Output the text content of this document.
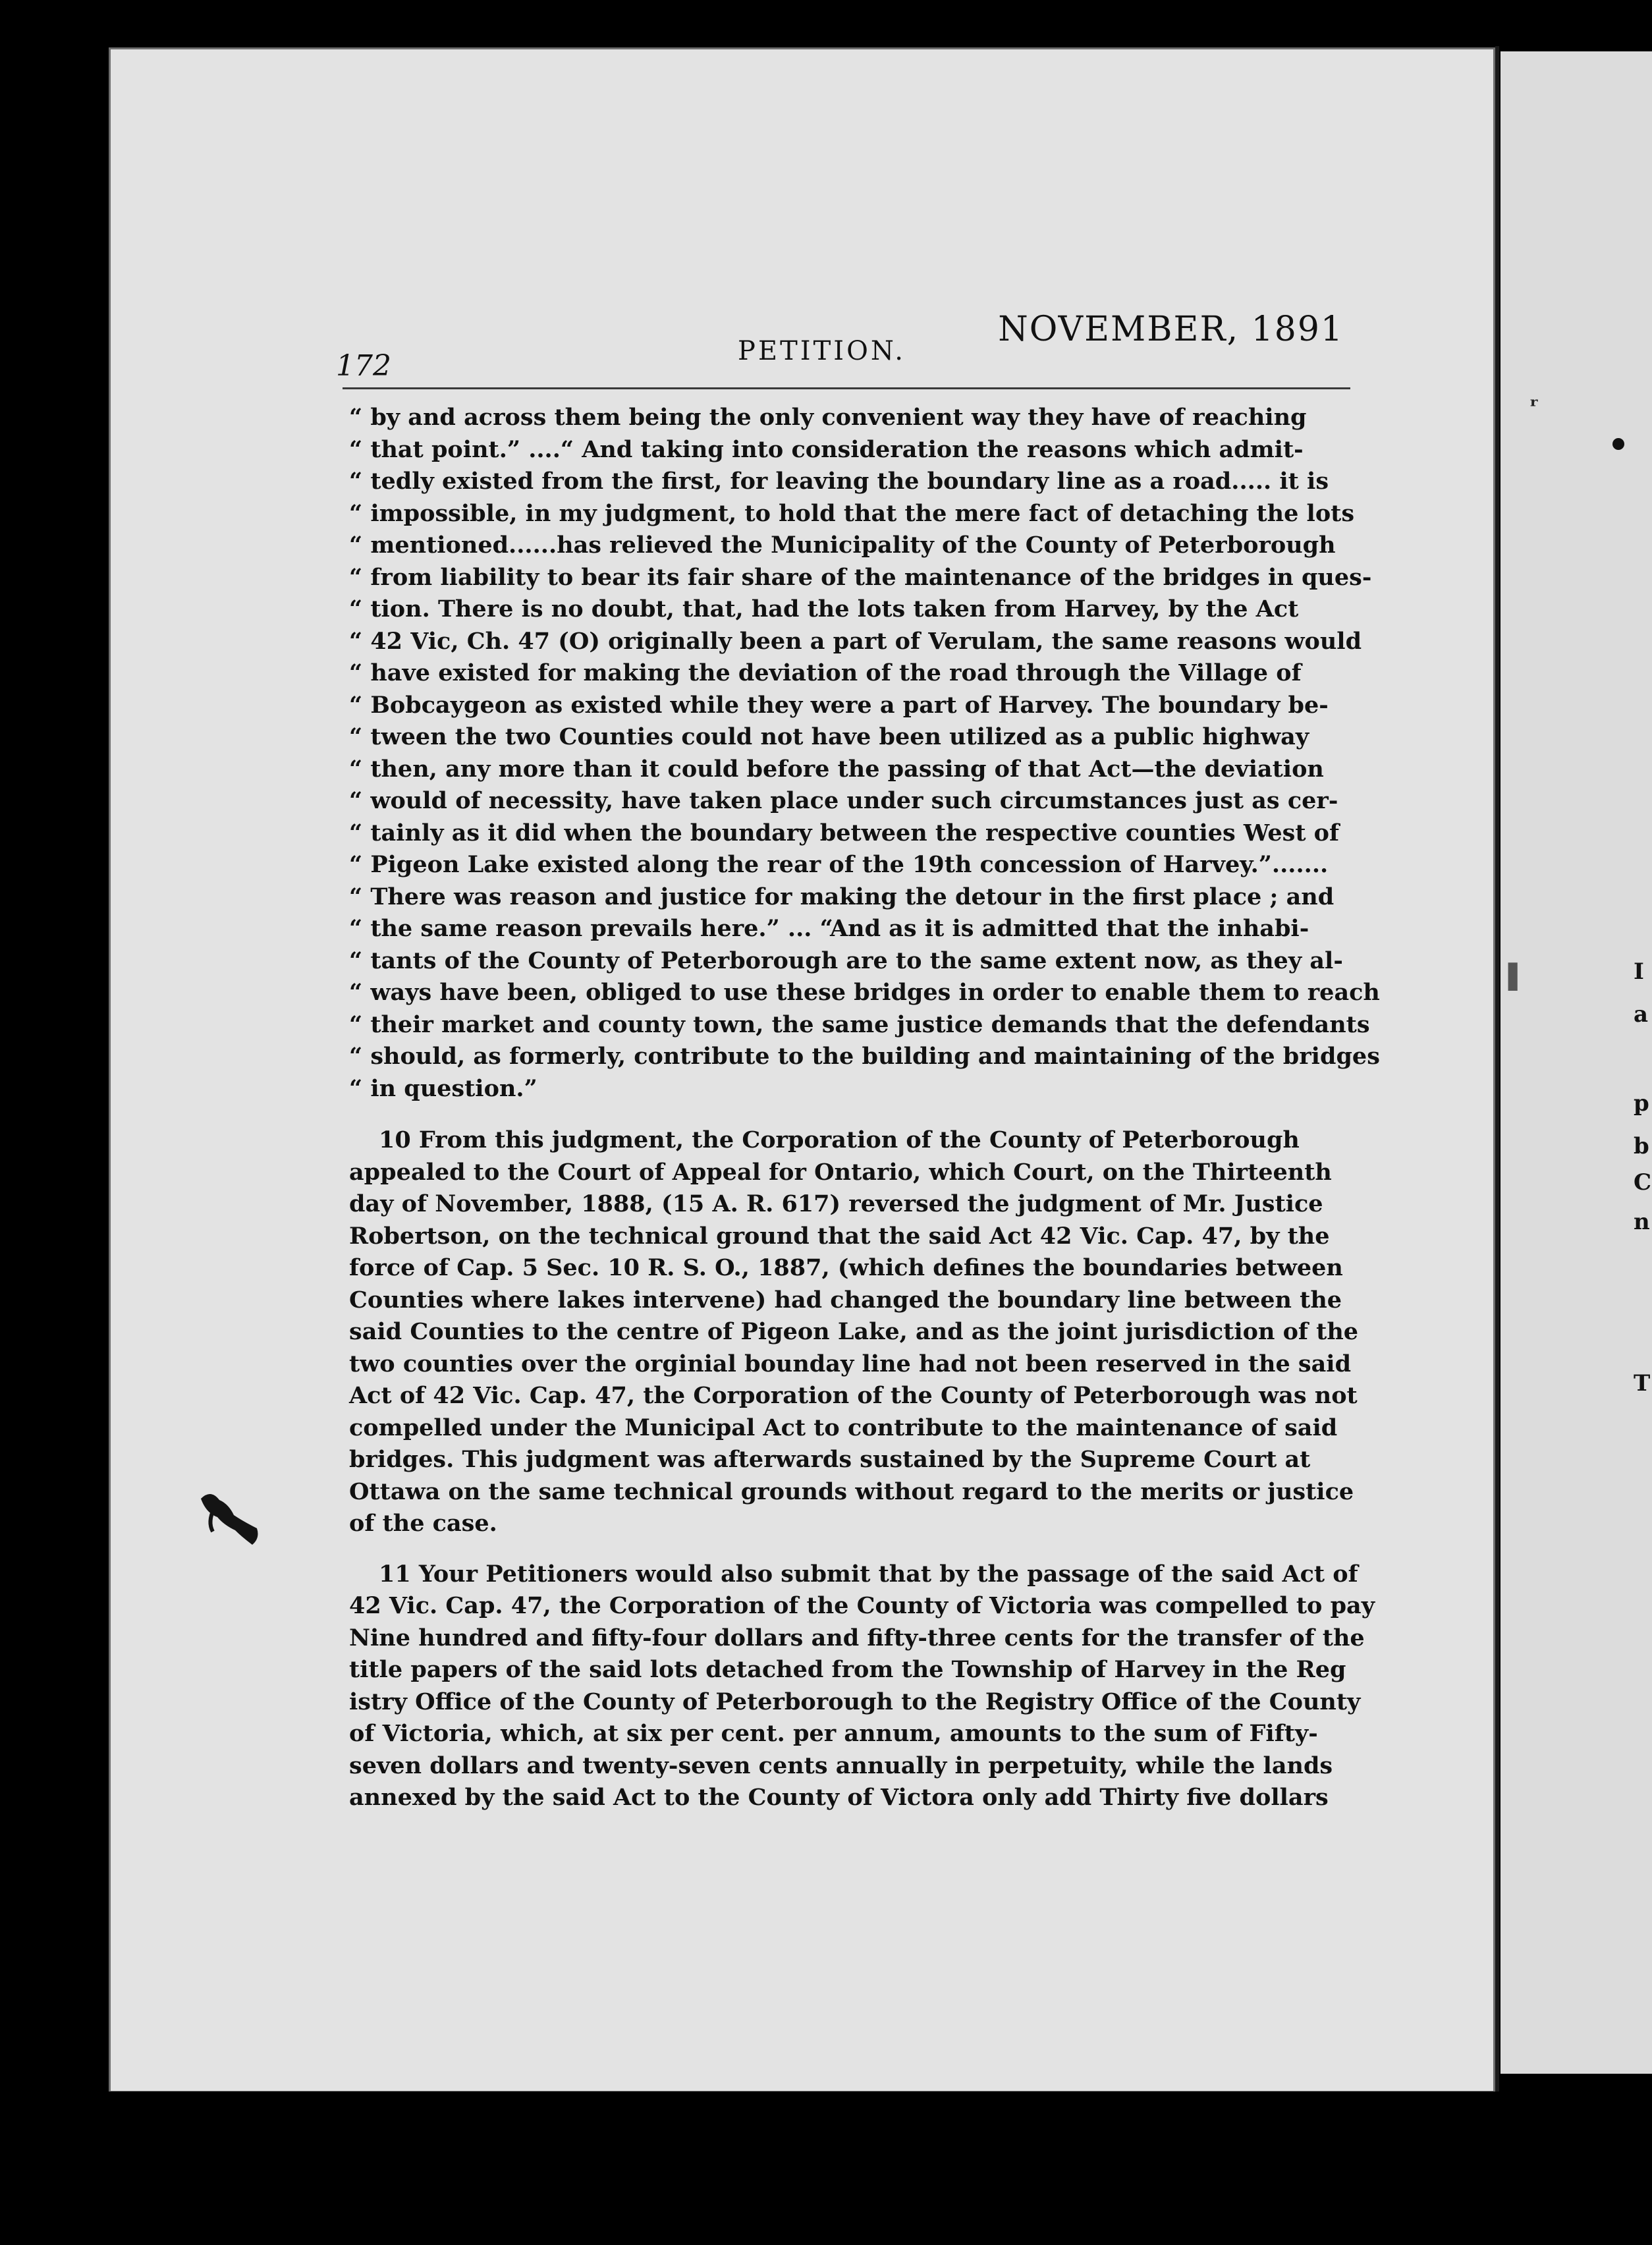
172	PETITION.
NOVEMBER, 1891
“ by and across them being the only convenient way they have of reaching
“ that point.” ....“ And taking into consideration the reasons which admit-
“ tedly existed from the first, for leaving the boundary line as a road..... it is
“ impossible, in my judgment, to hold that the mere fact of detaching the lots
“ mentioned......has relieved the Municipality of the County of Peterborough
“ from liability to bear its fair share of the maintenance of the bridges in ques-
“ tion. There is no doubt, that, had the lots taken from Harvey, by the Act
“ 42 Vic, Ch. 47 (O) originally been a part of Verulam, the same reasons would
“ have existed for making the deviation of the road through the Village of
“ Bobcaygeon as existed while they were a part of Harvey. The boundary be-
“ tween the two Counties could not have been utilized as a public highway
“ then, any more than it could before the passing of that Act—the deviation
“ would of necessity, have taken place under such circumstances just as cer-
“ tainly as it did when the boundary between the respective counties West of
“ Pigeon Lake existed along the rear of the 19th concession of Harvey.”.......
“ There was reason and justice for making the detour in the first place ; and
“ the same reason prevails here.” ... “And as it is admitted that the inhabi-
“ tants of the County of Peterborough are to the same extent now, as they al-
“ ways have been, obliged to use these bridges in order to enable them to reach
“ their market and county town, the same justice demands that the defendants
“ should, as formerly, contribute to the building and maintaining of the bridges
“ in question.”
10 From this judgment, the Corporation of the County of Peterborough
appealed to the Court of Appeal for Ontario, which Court, on the Thirteenth
day of November, 1888, (15 A. R. 617) reversed the judgment of Mr. Justice
Robertson, on the technical ground that the said Act 42 Vic. Cap. 47, by the
force of Cap. 5 Sec. 10 R. S. O., 1887, (which defines the boundaries between
Counties where lakes intervene) had changed the boundary line between the
said Counties to the centre of Pigeon Lake, and as the joint jurisdiction of the
two counties over the orginial bounday line had not been reserved in the said
Act of 42 Vic. Cap. 47, the Corporation of the County of Peterborough was not
compelled under the Municipal Act to contribute to the maintenance of said
bridges. This judgment was afterwards sustained by the Supreme Court at
Ottawa on the same technical grounds without regard to the merits or justice
of the case.
11 Your Petitioners would also submit that by the passage of the said Act of
42 Vic. Cap. 47, the Corporation of the County of Victoria was compelled to pay
Nine hundred and fifty-four dollars and fifty-three cents for the transfer of the
title papers of the said lots detached from the Township of Harvey in the Reg
istry Office of the County of Peterborough to the Registry Office of the County
of Victoria, which, at six per cent. per annum, amounts to the sum of Fifty-
seven dollars and twenty-seven cents annually in perpetuity, while the lands
annexed by the said Act to the County of Victora only add Thirty five dollars
I
a
p
b
C
n
T
ʳ
▌
